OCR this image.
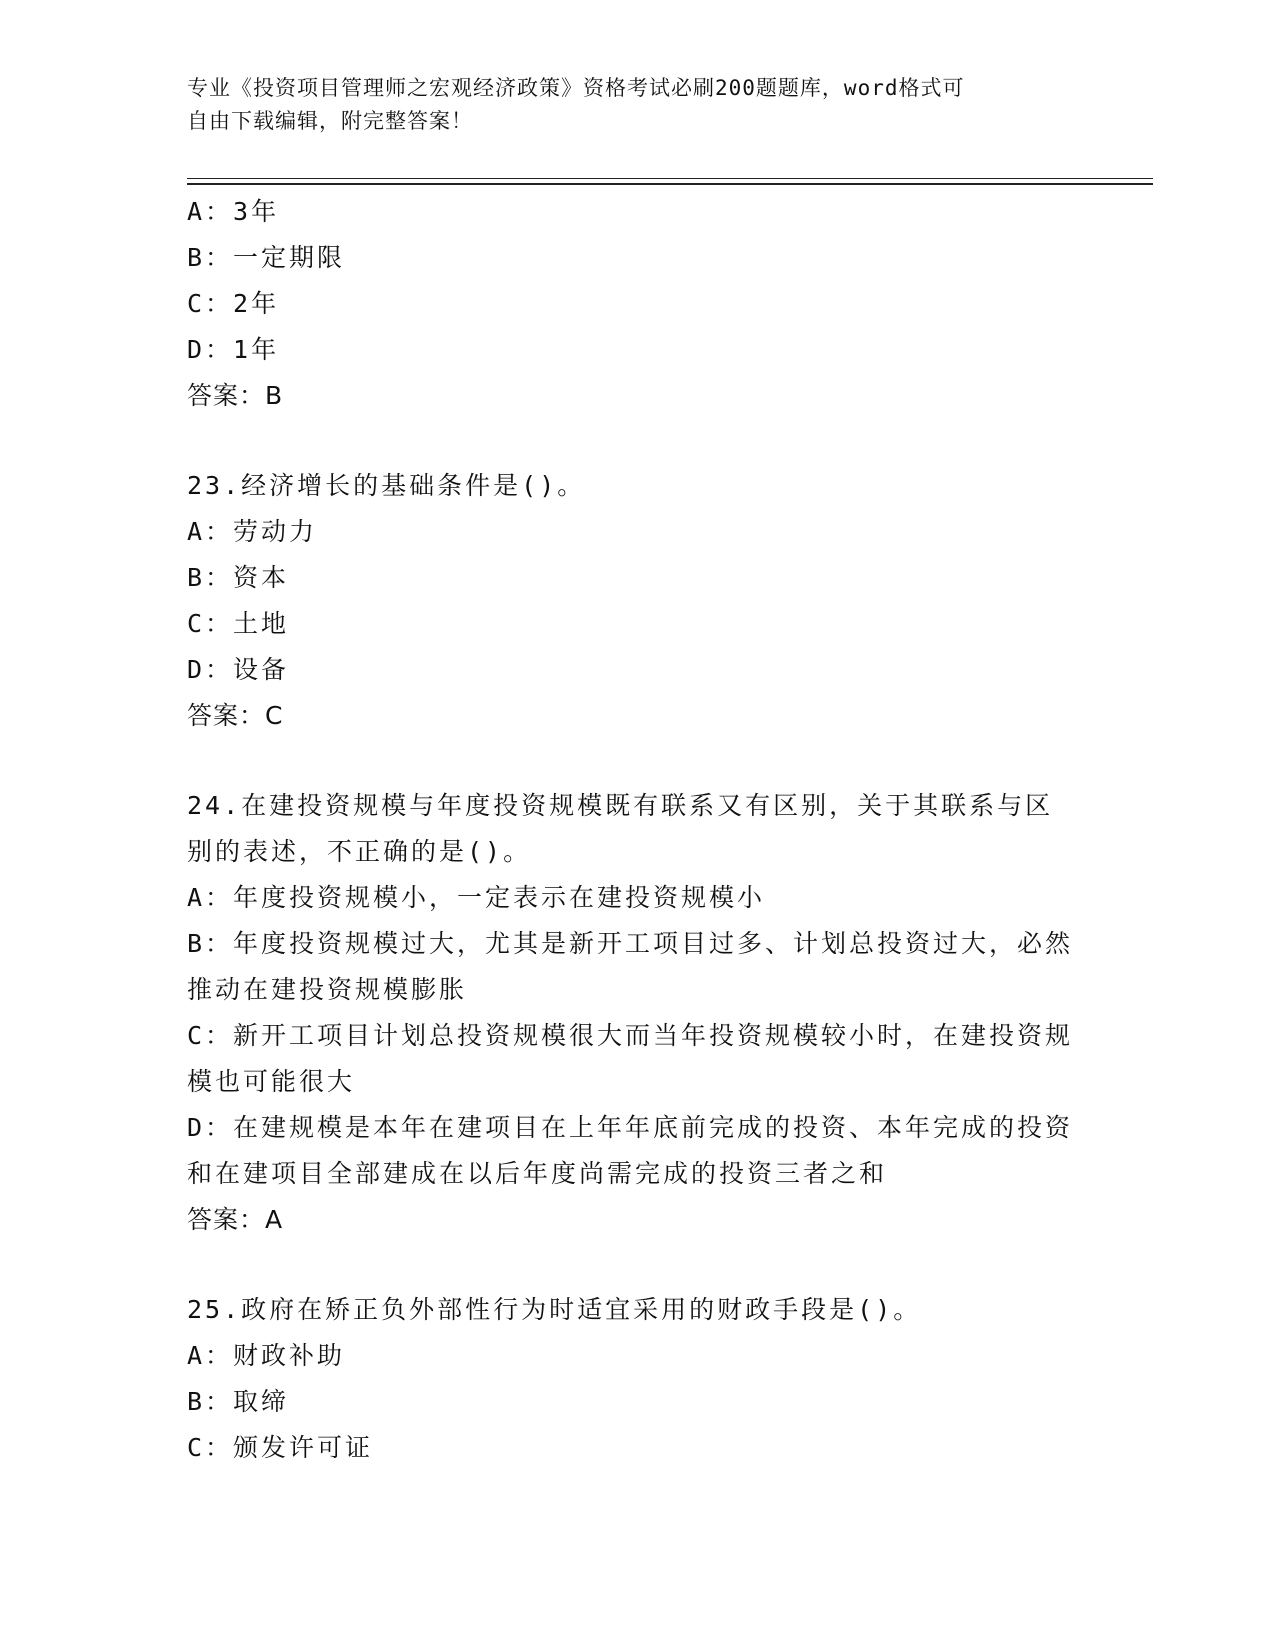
专业《投资项目管理师之宏观经济政策》资格考试必刷200题题库，word格式可
自由下载编辑，附完整答案！
A：3年
B：一定期限
C：2年
D：1年
答案：B
23.经济增长的基础条件是()。
A：劳动力
B：资本
C：土地
D：设备
答案：C
24.在建投资规模与年度投资规模既有联系又有区别，关于其联系与区别的表述，不正确的是()。
A：年度投资规模小，一定表示在建投资规模小
B：年度投资规模过大，尤其是新开工项目过多、计划总投资过大，必然推动在建投资规模膨胀
C：新开工项目计划总投资规模很大而当年投资规模较小时，在建投资规模也可能很大
D：在建规模是本年在建项目在上年年底前完成的投资、本年完成的投资和在建项目全部建成在以后年度尚需完成的投资三者之和
答案：A
25.政府在矫正负外部性行为时适宜采用的财政手段是()。
A：财政补助
B：取缔
C：颁发许可证
